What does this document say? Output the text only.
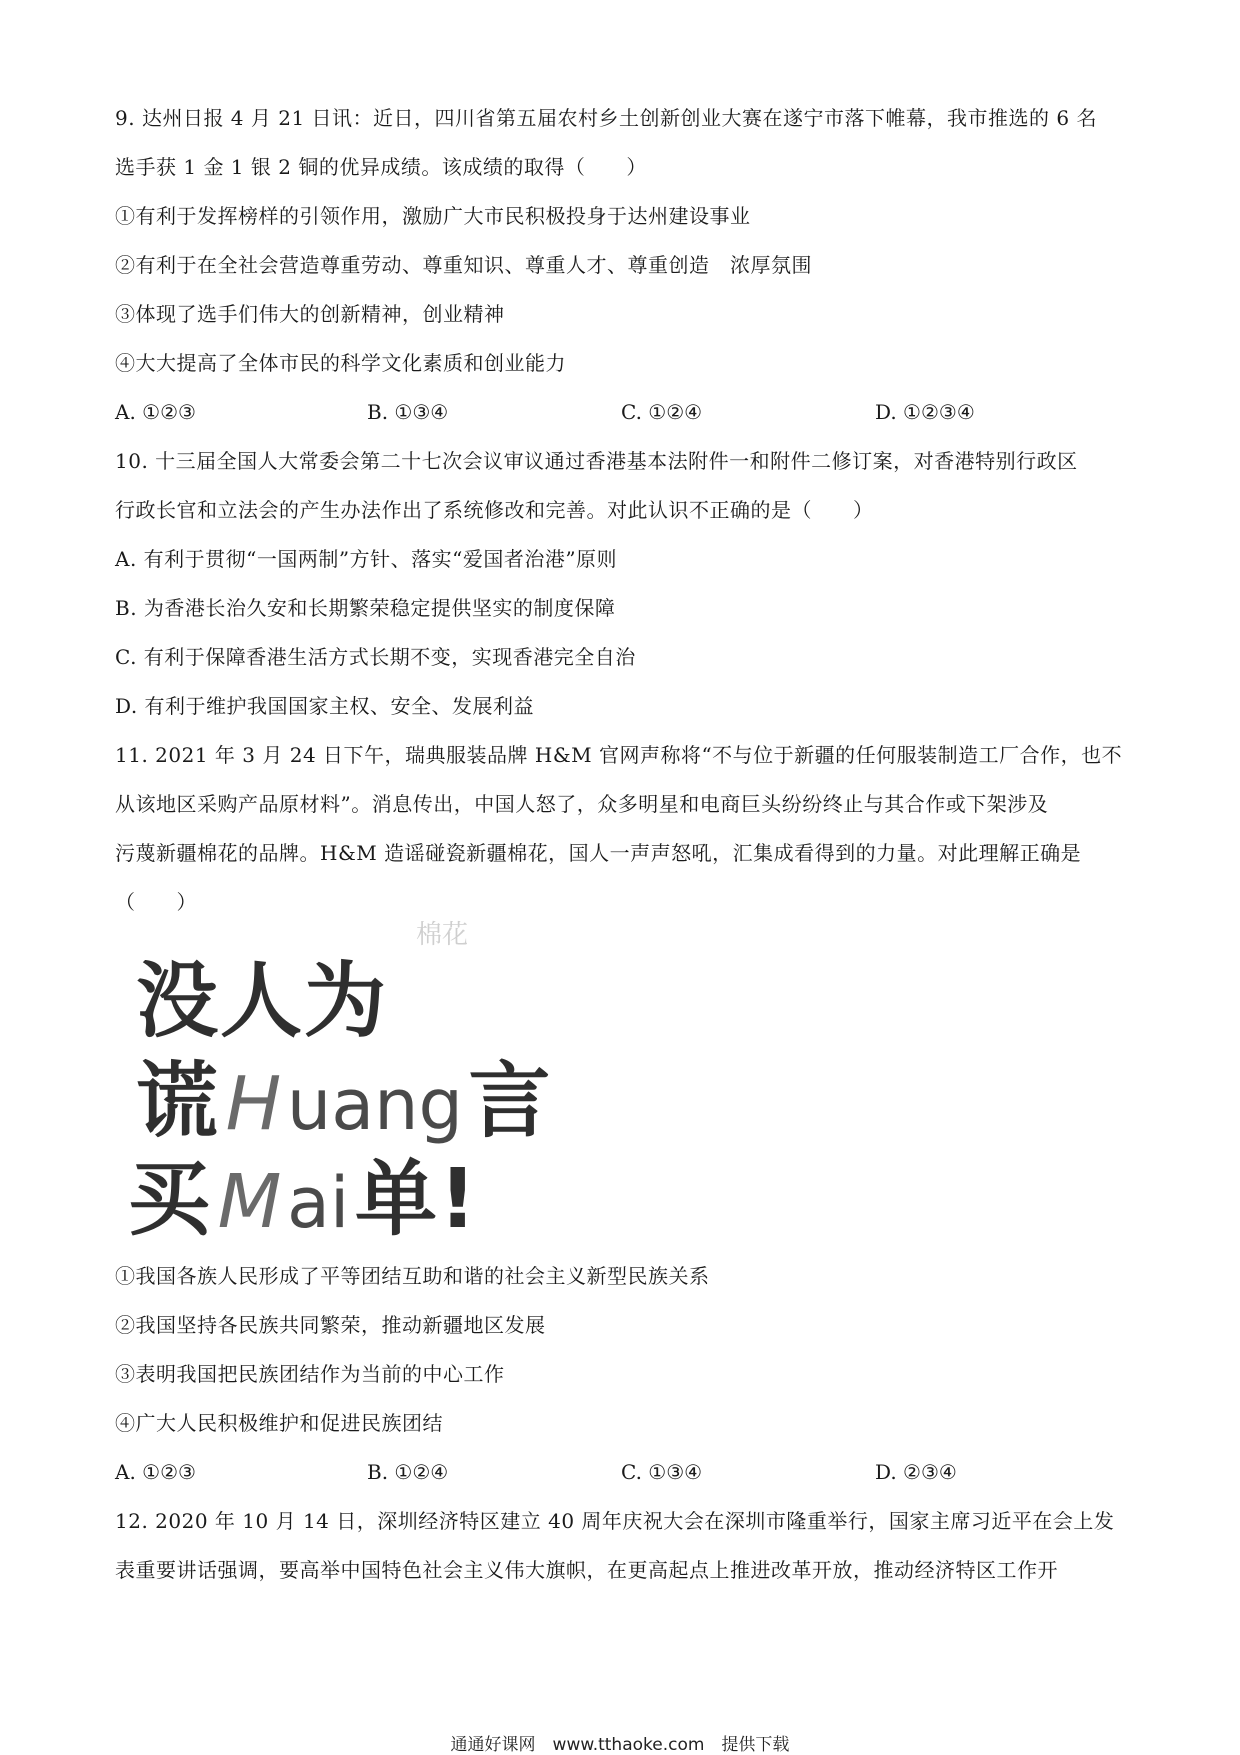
9. 达州日报 4 月 21 日讯：近日，四川省第五届农村乡土创新创业大赛在遂宁市落下帷幕，我市推选的 6 名
选手获 1 金 1 银 2 铜的优异成绩。该成绩的取得（　　）
①有利于发挥榜样的引领作用，激励广大市民积极投身于达州建设事业
②有利于在全社会营造尊重劳动、尊重知识、尊重人才、尊重创造　浓厚氛围
③体现了选手们伟大的创新精神，创业精神
④大大提高了全体市民的科学文化素质和创业能力
A. ①②③	B. ①③④	C. ①②④	D. ①②③④
10. 十三届全国人大常委会第二十七次会议审议通过香港基本法附件一和附件二修订案，对香港特别行政区
行政长官和立法会的产生办法作出了系统修改和完善。对此认识不正确的是（　　）
A. 有利于贯彻“一国两制”方针、落实“爱国者治港”原则
B. 为香港长治久安和长期繁荣稳定提供坚实的制度保障
C. 有利于保障香港生活方式长期不变，实现香港完全自治
D. 有利于维护我国国家主权、安全、发展利益
11. 2021 年 3 月 24 日下午，瑞典服装品牌 H&M 官网声称将“不与位于新疆的任何服装制造工厂合作，也不
从该地区采购产品原材料”。消息传出，中国人怒了，众多明星和电商巨头纷纷终止与其合作或下架涉及
污蔑新疆棉花的品牌。H&M 造谣碰瓷新疆棉花，国人一声声怒吼，汇集成看得到的力量。对此理解正确是
（　　）
棉花
没人为
谎 H uang 言
买 M ai 单!
①我国各族人民形成了平等团结互助和谐的社会主义新型民族关系
②我国坚持各民族共同繁荣，推动新疆地区发展
③表明我国把民族团结作为当前的中心工作
④广大人民积极维护和促进民族团结
A. ①②③	B. ①②④	C. ①③④	D. ②③④
12. 2020 年 10 月 14 日，深圳经济特区建立 40 周年庆祝大会在深圳市隆重举行，国家主席习近平在会上发
表重要讲话强调，要高举中国特色社会主义伟大旗帜，在更高起点上推进改革开放，推动经济特区工作开
通通好课网　www.tthaoke.com　提供下载
